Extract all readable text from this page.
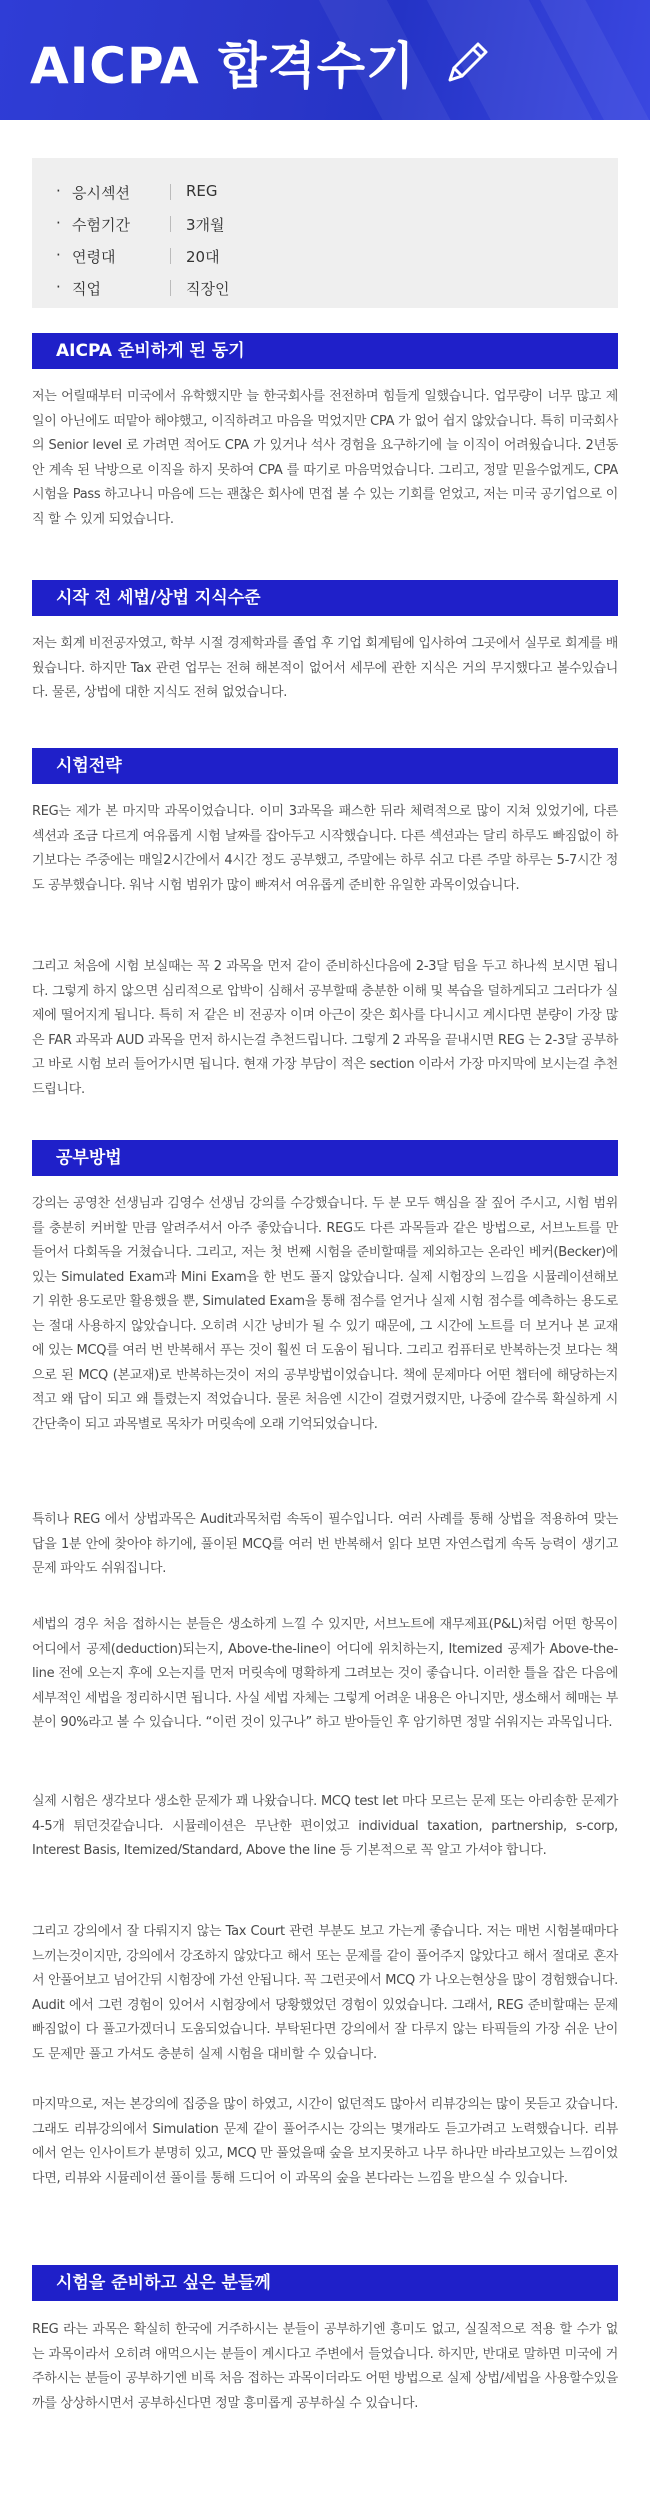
AICPA 합격수기
· 응시섹션	REG
· 수험기간	3개월
· 연령대	20대
· 직업	직장인
AICPA 준비하게 된 동기

저는 어릴때부터 미국에서 유학했지만 늘 한국회사를 전전하며 힘들게 일했습니다. 업무량이 너무 많고 제 일이 아닌에도 떠맡아 해야했고, 이직하려고 마음을 먹었지만 CPA 가 없어 쉽지 않았습니다. 특히 미국회사의 Senior level 로 가려면 적어도 CPA 가 있거나 석사 경험을 요구하기에 늘 이직이 어려웠습니다. 2년동안 계속 된 낙방으로 이직을 하지 못하여 CPA 를 따기로 마음먹었습니다. 그리고, 정말 믿을수없게도, CPA 시험을 Pass 하고나니 마음에 드는 괜찮은 회사에 면접 볼 수 있는 기회를 얻었고, 저는 미국 공기업으로 이직 할 수 있게 되었습니다.

시작 전 세법/상법 지식수준

저는 회계 비전공자였고, 학부 시절 경제학과를 졸업 후 기업 회계팀에 입사하여 그곳에서 실무로 회계를 배웠습니다. 하지만 Tax 관련 업무는 전혀 해본적이 없어서 세무에 관한 지식은 거의 무지했다고 볼수있습니다. 물론, 상법에 대한 지식도 전혀 없었습니다.

시험전략

REG는 제가 본 마지막 과목이었습니다. 이미 3과목을 패스한 뒤라 체력적으로 많이 지쳐 있었기에, 다른 섹션과 조금 다르게 여유롭게 시험 날짜를 잡아두고 시작했습니다. 다른 섹션과는 달리 하루도 빠짐없이 하기보다는 주중에는 매일2시간에서 4시간 정도 공부했고, 주말에는 하루 쉬고 다른 주말 하루는 5-7시간 정도 공부했습니다. 워낙 시험 범위가 많이 빠져서 여유롭게 준비한 유일한 과목이었습니다.

그리고 처음에 시험 보실때는 꼭 2 과목을 먼저 같이 준비하신다음에 2-3달 텀을 두고 하나씩 보시면 됩니다. 그렇게 하지 않으면 심리적으로 압박이 심해서 공부할때 충분한 이해 및 복습을 덜하게되고 그러다가 실제에 떨어지게 됩니다. 특히 저 같은 비 전공자 이며 아근이 잦은 회사를 다니시고 계시다면 분량이 가장 많은 FAR 과목과 AUD 과목을 먼저 하시는걸 추천드립니다. 그렇게 2 과목을 끝내시면 REG 는 2-3달 공부하고 바로 시험 보러 들어가시면 됩니다. 현재 가장 부담이 적은 section 이라서 가장 마지막에 보시는걸 추천드립니다.

공부방법

강의는 공영찬 선생님과 김영수 선생님 강의를 수강했습니다. 두 분 모두 핵심을 잘 짚어 주시고, 시험 범위를 충분히 커버할 만큼 알려주셔서 아주 좋았습니다. REG도 다른 과목들과 같은 방법으로, 서브노트를 만들어서 다회독을 거쳤습니다. 그리고, 저는 첫 번째 시험을 준비할때를 제외하고는 온라인 베커(Becker)에 있는 Simulated Exam과 Mini Exam을 한 번도 풀지 않았습니다. 실제 시험장의 느낌을 시뮬레이션해보기 위한 용도로만 활용했을 뿐, Simulated Exam을 통해 점수를 얻거나 실제 시험 점수를 예측하는 용도로는 절대 사용하지 않았습니다. 오히려 시간 낭비가 될 수 있기 때문에, 그 시간에 노트를 더 보거나 본 교재에 있는 MCQ를 여러 번 반복해서 푸는 것이 훨씬 더 도움이 됩니다. 그리고 컴퓨터로 반복하는것 보다는 책으로 된 MCQ (본교재)로 반복하는것이 저의 공부방법이었습니다. 책에 문제마다 어떤 챕터에 해당하는지 적고 왜 답이 되고 왜 틀렸는지 적었습니다. 물론 처음엔 시간이 걸렸거렸지만, 나중에 갈수록 확실하게 시간단축이 되고 과목별로 목차가 머릿속에 오래 기억되었습니다.

특히나 REG 에서 상법과목은 Audit과목처럼 속독이 필수입니다. 여러 사례를 통해 상법을 적용하여 맞는 답을 1분 안에 찾아야 하기에, 풀이된 MCQ를 여러 번 반복해서 읽다 보면 자연스럽게 속독 능력이 생기고 문제 파악도 쉬워집니다.

세법의 경우 처음 접하시는 분들은 생소하게 느낄 수 있지만, 서브노트에 재무제표(P&L)처럼 어떤 항목이 어디에서 공제(deduction)되는지, Above-the-line이 어디에 위치하는지, Itemized 공제가 Above-the-line 전에 오는지 후에 오는지를 먼저 머릿속에 명확하게 그려보는 것이 좋습니다. 이러한 틀을 잡은 다음에 세부적인 세법을 정리하시면 됩니다. 사실 세법 자체는 그렇게 어려운 내용은 아니지만, 생소해서 헤매는 부분이 90%라고 볼 수 있습니다. “이런 것이 있구나” 하고 받아들인 후 암기하면 정말 쉬워지는 과목입니다.

실제 시험은 생각보다 생소한 문제가 꽤 나왔습니다. MCQ test let 마다 모르는 문제 또는 아리송한 문제가 4-5개 튀던것같습니다. 시뮬레이션은 무난한 편이었고 individual taxation, partnership, s-corp, Interest Basis, Itemized/Standard, Above the line 등 기본적으로 꼭 알고 가셔야 합니다.

그리고 강의에서 잘 다뤄지지 않는 Tax Court 관련 부분도 보고 가는게 좋습니다. 저는 매번 시험볼때마다 느끼는것이지만, 강의에서 강조하지 않았다고 해서 또는 문제를 같이 풀어주지 않았다고 해서 절대로 혼자서 안풀어보고 넘어간뒤 시험장에 가선 안됩니다. 꼭 그런곳에서 MCQ 가 나오는현상을 많이 경험했습니다. Audit 에서 그런 경험이 있어서 시험장에서 당황했었던 경험이 있었습니다. 그래서, REG 준비할때는 문제 빠짐없이 다 풀고가겠더니 도움되었습니다. 부탁된다면 강의에서 잘 다루지 않는 타픽들의 가장 쉬운 난이도 문제만 풀고 가셔도 충분히 실제 시험을 대비할 수 있습니다.

마지막으로, 저는 본강의에 집중을 많이 하였고, 시간이 없던적도 많아서 리뷰강의는 많이 못듣고 갔습니다. 그래도 리뷰강의에서 Simulation 문제 같이 풀어주시는 강의는 몇개라도 듣고가려고 노력했습니다. 리뷰에서 얻는 인사이트가 분명히 있고, MCQ 만 풀었을때 숲을 보지못하고 나무 하나만 바라보고있는 느낌이었다면, 리뷰와 시뮬레이션 풀이를 통해 드디어 이 과목의 숲을 본다라는 느낌을 받으실 수 있습니다.

시험을 준비하고 싶은 분들께

REG 라는 과목은 확실히 한국에 거주하시는 분들이 공부하기엔 흥미도 없고, 실질적으로 적용 할 수가 없는 과목이라서 오히려 애먹으시는 분들이 계시다고 주변에서 들었습니다. 하지만, 반대로 말하면 미국에 거주하시는 분들이 공부하기엔 비록 처음 접하는 과목이더라도 어떤 방법으로 실제 상법/세법을 사용할수있을까를 상상하시면서 공부하신다면 정말 흥미롭게 공부하실 수 있습니다.
